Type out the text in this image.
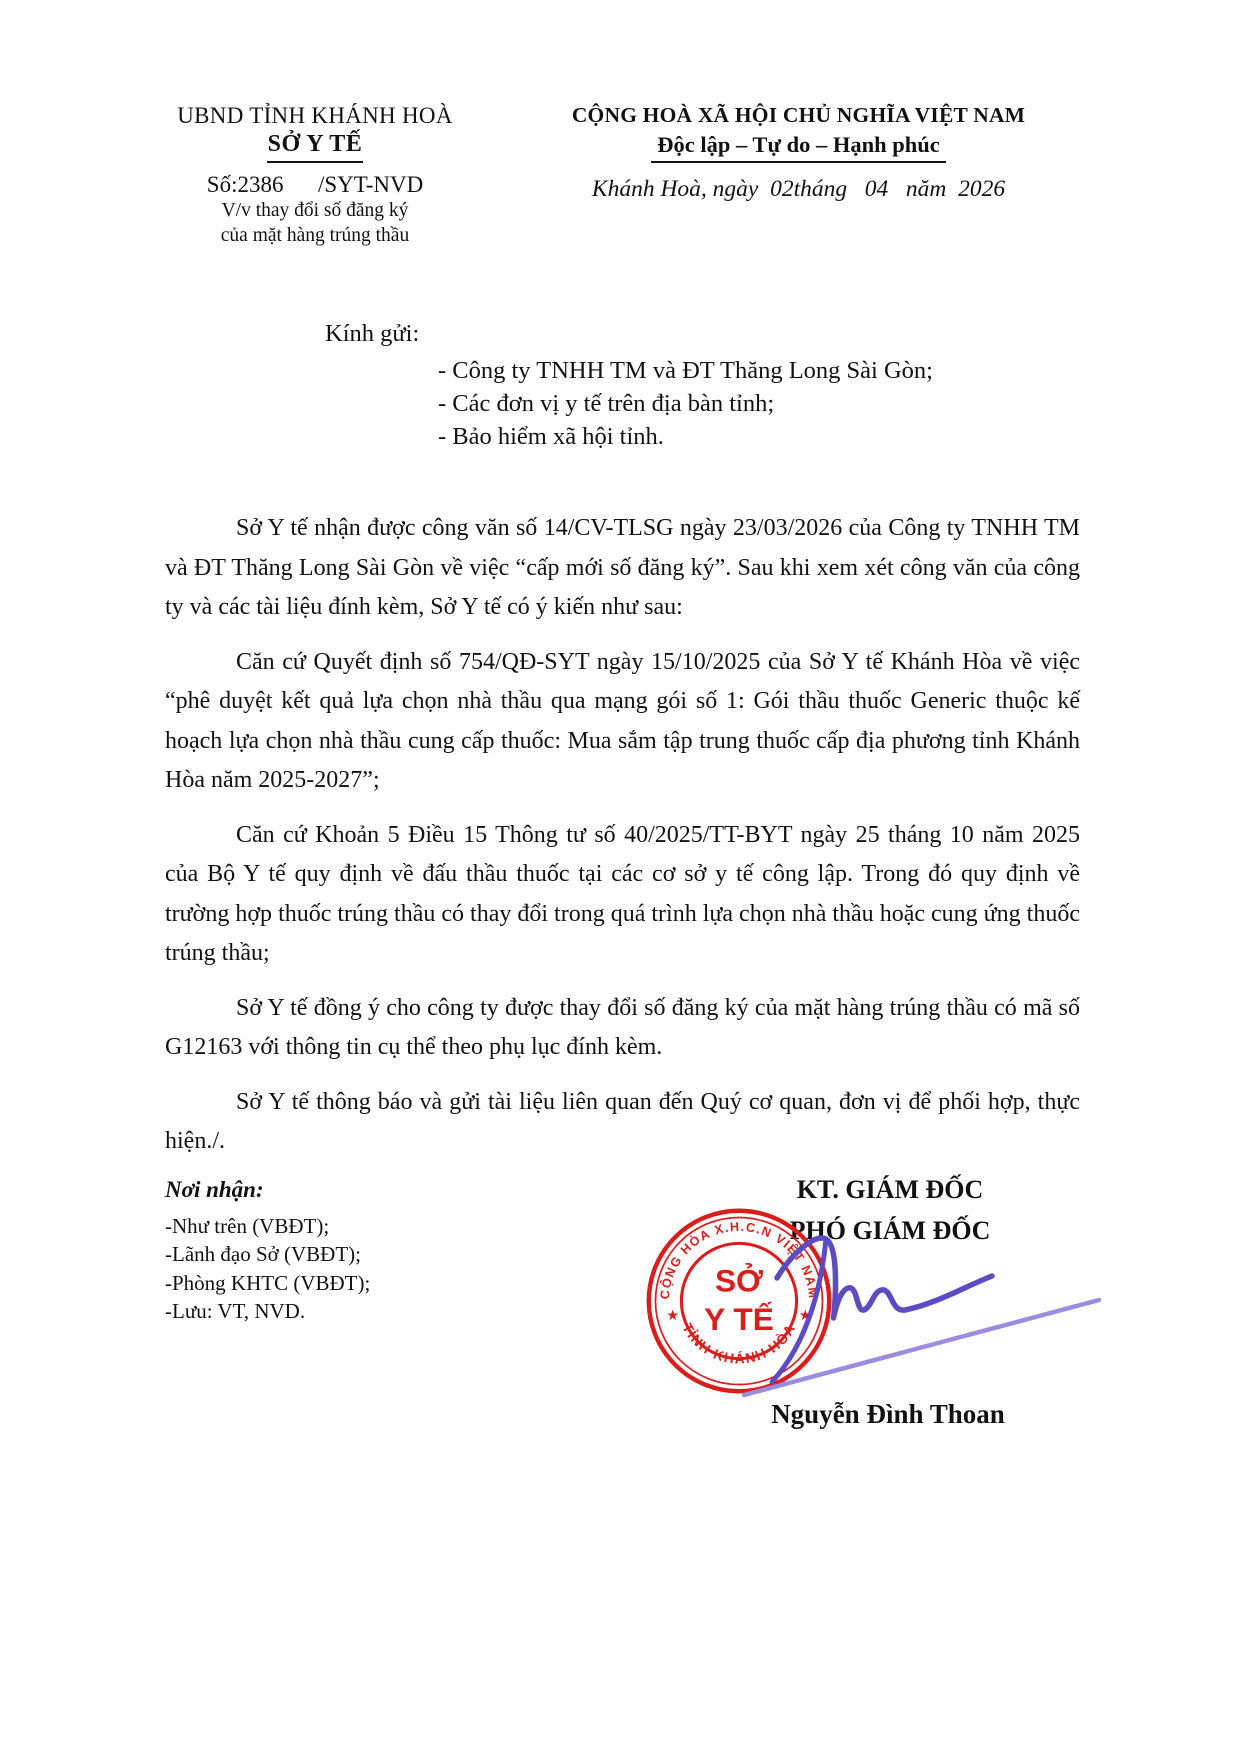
UBND TỈNH KHÁNH HOÀ
SỞ Y TẾ
Số:2386      /SYT-NVD
V/v thay đổi số đăng ký
của mặt hàng trúng thầu
CỘNG HOÀ XÃ HỘI CHỦ NGHĨA VIỆT NAM
Độc lập – Tự do – Hạnh phúc
Khánh Hoà, ngày  02tháng   04   năm  2026
Kính gửi:
- Công ty TNHH TM và ĐT Thăng Long Sài Gòn;
- Các đơn vị y tế trên địa bàn tỉnh;
- Bảo hiểm xã hội tỉnh.

Sở Y tế nhận được công văn số 14/CV-TLSG ngày 23/03/2026 của Công ty TNHH TM và ĐT Thăng Long Sài Gòn về việc “cấp mới số đăng ký”. Sau khi xem xét công văn của công ty và các tài liệu đính kèm, Sở Y tế có ý kiến như sau:

Căn cứ Quyết định số 754/QĐ-SYT ngày 15/10/2025 của Sở Y tế Khánh Hòa về việc “phê duyệt kết quả lựa chọn nhà thầu qua mạng gói số 1: Gói thầu thuốc Generic thuộc kế hoạch lựa chọn nhà thầu cung cấp thuốc: Mua sắm tập trung thuốc cấp địa phương tỉnh Khánh Hòa năm 2025-2027”;

Căn cứ Khoản 5 Điều 15 Thông tư số 40/2025/TT-BYT ngày 25 tháng 10 năm 2025 của Bộ Y tế quy định về đấu thầu thuốc tại các cơ sở y tế công lập. Trong đó quy định về trường hợp thuốc trúng thầu có thay đổi trong quá trình lựa chọn nhà thầu hoặc cung ứng thuốc trúng thầu;

Sở Y tế đồng ý cho công ty được thay đổi số đăng ký của mặt hàng trúng thầu có mã số G12163 với thông tin cụ thể theo phụ lục đính kèm.

Sở Y tế thông báo và gửi tài liệu liên quan đến Quý cơ quan, đơn vị để phối hợp, thực hiện./.

Nơi nhận:
-Như trên (VBĐT);
-Lãnh đạo Sở (VBĐT);
-Phòng KHTC (VBĐT);
-Lưu: VT, NVD.
KT. GIÁM ĐỐC
PHÓ GIÁM ĐỐC
CỘNG HÒA X.H.C.N VIỆT NAM
TỈNH KHÁNH HÒA
★	★
SỞ
Y TẾ
Nguyễn Đình Thoan
